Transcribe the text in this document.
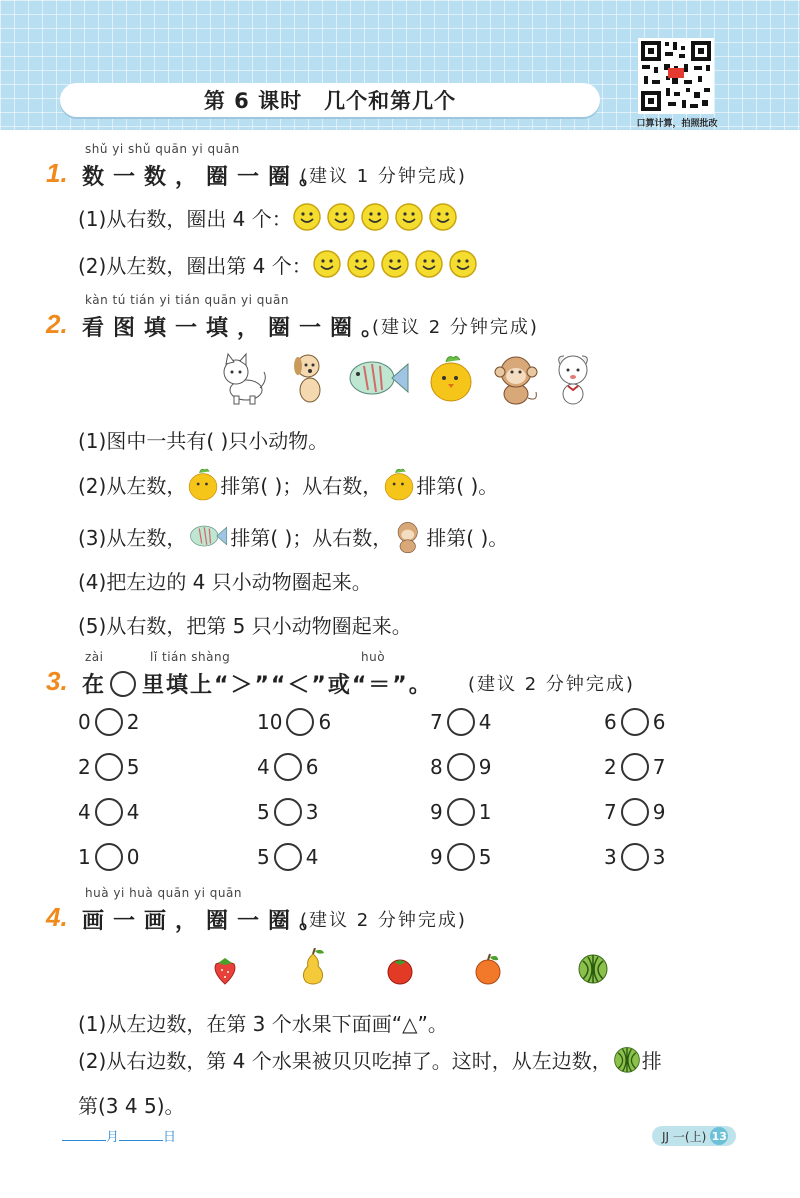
第 6 课时 几个和第几个
口算计算，拍照批改
shǔ yi shǔ quān yi quān
1. 数一数，圈一圈。
(建议 1 分钟完成)
(1)从右数，圈出 4 个：
(2)从左数，圈出第 4 个：
kàn tú tián yi tián quān yi quān
2. 看图填一填，圈一圈。
(建议 2 分钟完成)
(1)图中一共有( )只小动物。
(2)从左数， 排第( )；从右数， 排第( )。
(3)从左数， 排第( )；从右数， 排第( )。
(4)把左边的 4 只小动物圈起来。
(5)从右数，把第 5 只小动物圈起来。
zài	lǐ tián shàng	huò
3. 在 里填上“＞”“＜”或“＝”。 (建议 2 分钟完成)
0 2	10 6	7 4	6 6
2 5	4 6	8 9	2 7
4 4	5 3	9 1	7 9
1 0	5 4	9 5	3 3
huà yi huà quān yi quān
4. 画一画，圈一圈。
(建议 2 分钟完成)
(1)从左边数，在第 3 个水果下面画“△”。
(2)从右边数，第 4 个水果被贝贝吃掉了。这时，从左边数， 排
第(3 4 5)。
月	日	JJ 一(上) 13
